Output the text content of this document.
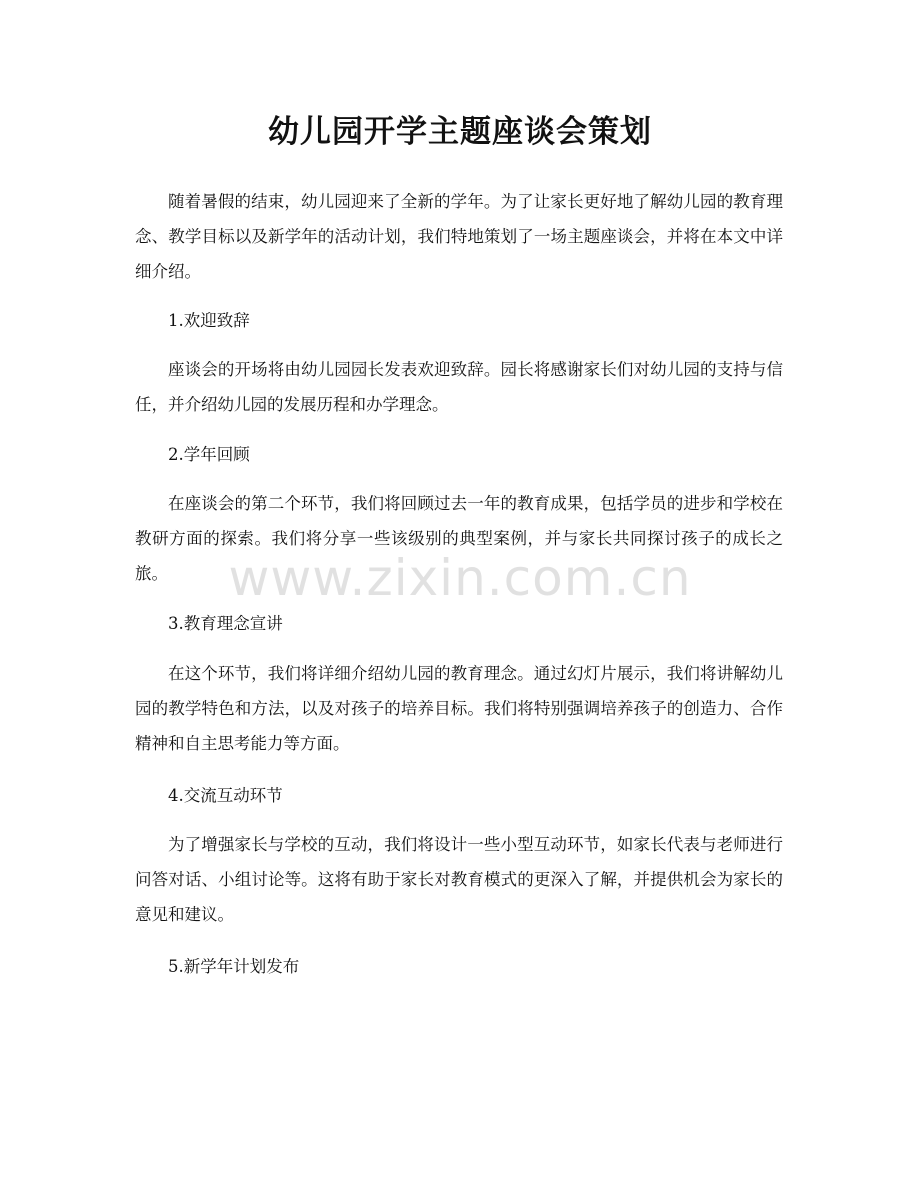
幼儿园开学主题座谈会策划

随着暑假的结束，幼儿园迎来了全新的学年。为了让家长更好地了解幼儿园的教育理念、教学目标以及新学年的活动计划，我们特地策划了一场主题座谈会，并将在本文中详细介绍。

1.欢迎致辞

座谈会的开场将由幼儿园园长发表欢迎致辞。园长将感谢家长们对幼儿园的支持与信任，并介绍幼儿园的发展历程和办学理念。

2.学年回顾

在座谈会的第二个环节，我们将回顾过去一年的教育成果，包括学员的进步和学校在教研方面的探索。我们将分享一些该级别的典型案例，并与家长共同探讨孩子的成长之旅。

3.教育理念宣讲

在这个环节，我们将详细介绍幼儿园的教育理念。通过幻灯片展示，我们将讲解幼儿园的教学特色和方法，以及对孩子的培养目标。我们将特别强调培养孩子的创造力、合作精神和自主思考能力等方面。

4.交流互动环节

为了增强家长与学校的互动，我们将设计一些小型互动环节，如家长代表与老师进行问答对话、小组讨论等。这将有助于家长对教育模式的更深入了解，并提供机会为家长的意见和建议。

5.新学年计划发布

www.zixin.com.cn
